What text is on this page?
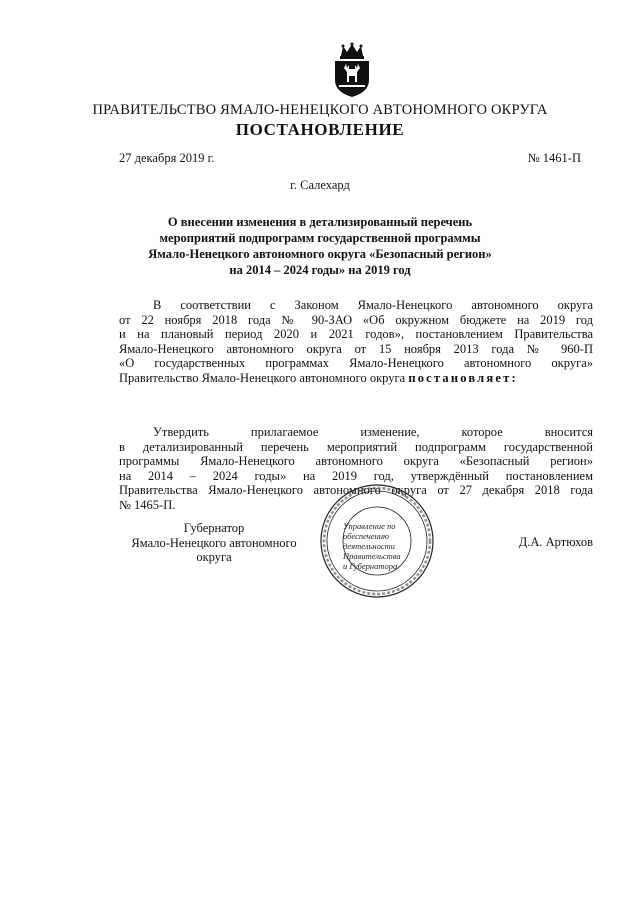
ПРАВИТЕЛЬСТВО ЯМАЛО-НЕНЕЦКОГО АВТОНОМНОГО ОКРУГА
ПОСТАНОВЛЕНИЕ
27 декабря 2019 г.	№ 1461-П
г. Салехард
О внесении изменения в детализированный перечень
мероприятий подпрограмм государственной программы
Ямало-Ненецкого автономного округа «Безопасный регион»
на 2014 – 2024 годы» на 2019 год
В соответствии с Законом Ямало-Ненецкого автономного округа
от 22 ноября 2018 года № 90-ЗАО «Об окружном бюджете на 2019 год
и на плановый период 2020 и 2021 годов», постановлением Правительства
Ямало-Ненецкого автономного округа от 15 ноября 2013 года № 960-П
«О государственных программах Ямало-Ненецкого автономного округа»
Правительство Ямало-Ненецкого автономного округа постановляет:
Утвердить прилагаемое изменение, которое вносится
в детализированный перечень мероприятий подпрограмм государственной
программы Ямало-Ненецкого автономного округа «Безопасный регион»
на 2014 – 2024 годы» на 2019 год, утверждённый постановлением
Правительства Ямало-Ненецкого автономного округа от 27 декабря 2018 года
№ 1465-П.
Губернатор
Ямало-Ненецкого автономного округа
Управление по
обеспечению
деятельности
Правительства
и Губернатора
Д.А. Артюхов
